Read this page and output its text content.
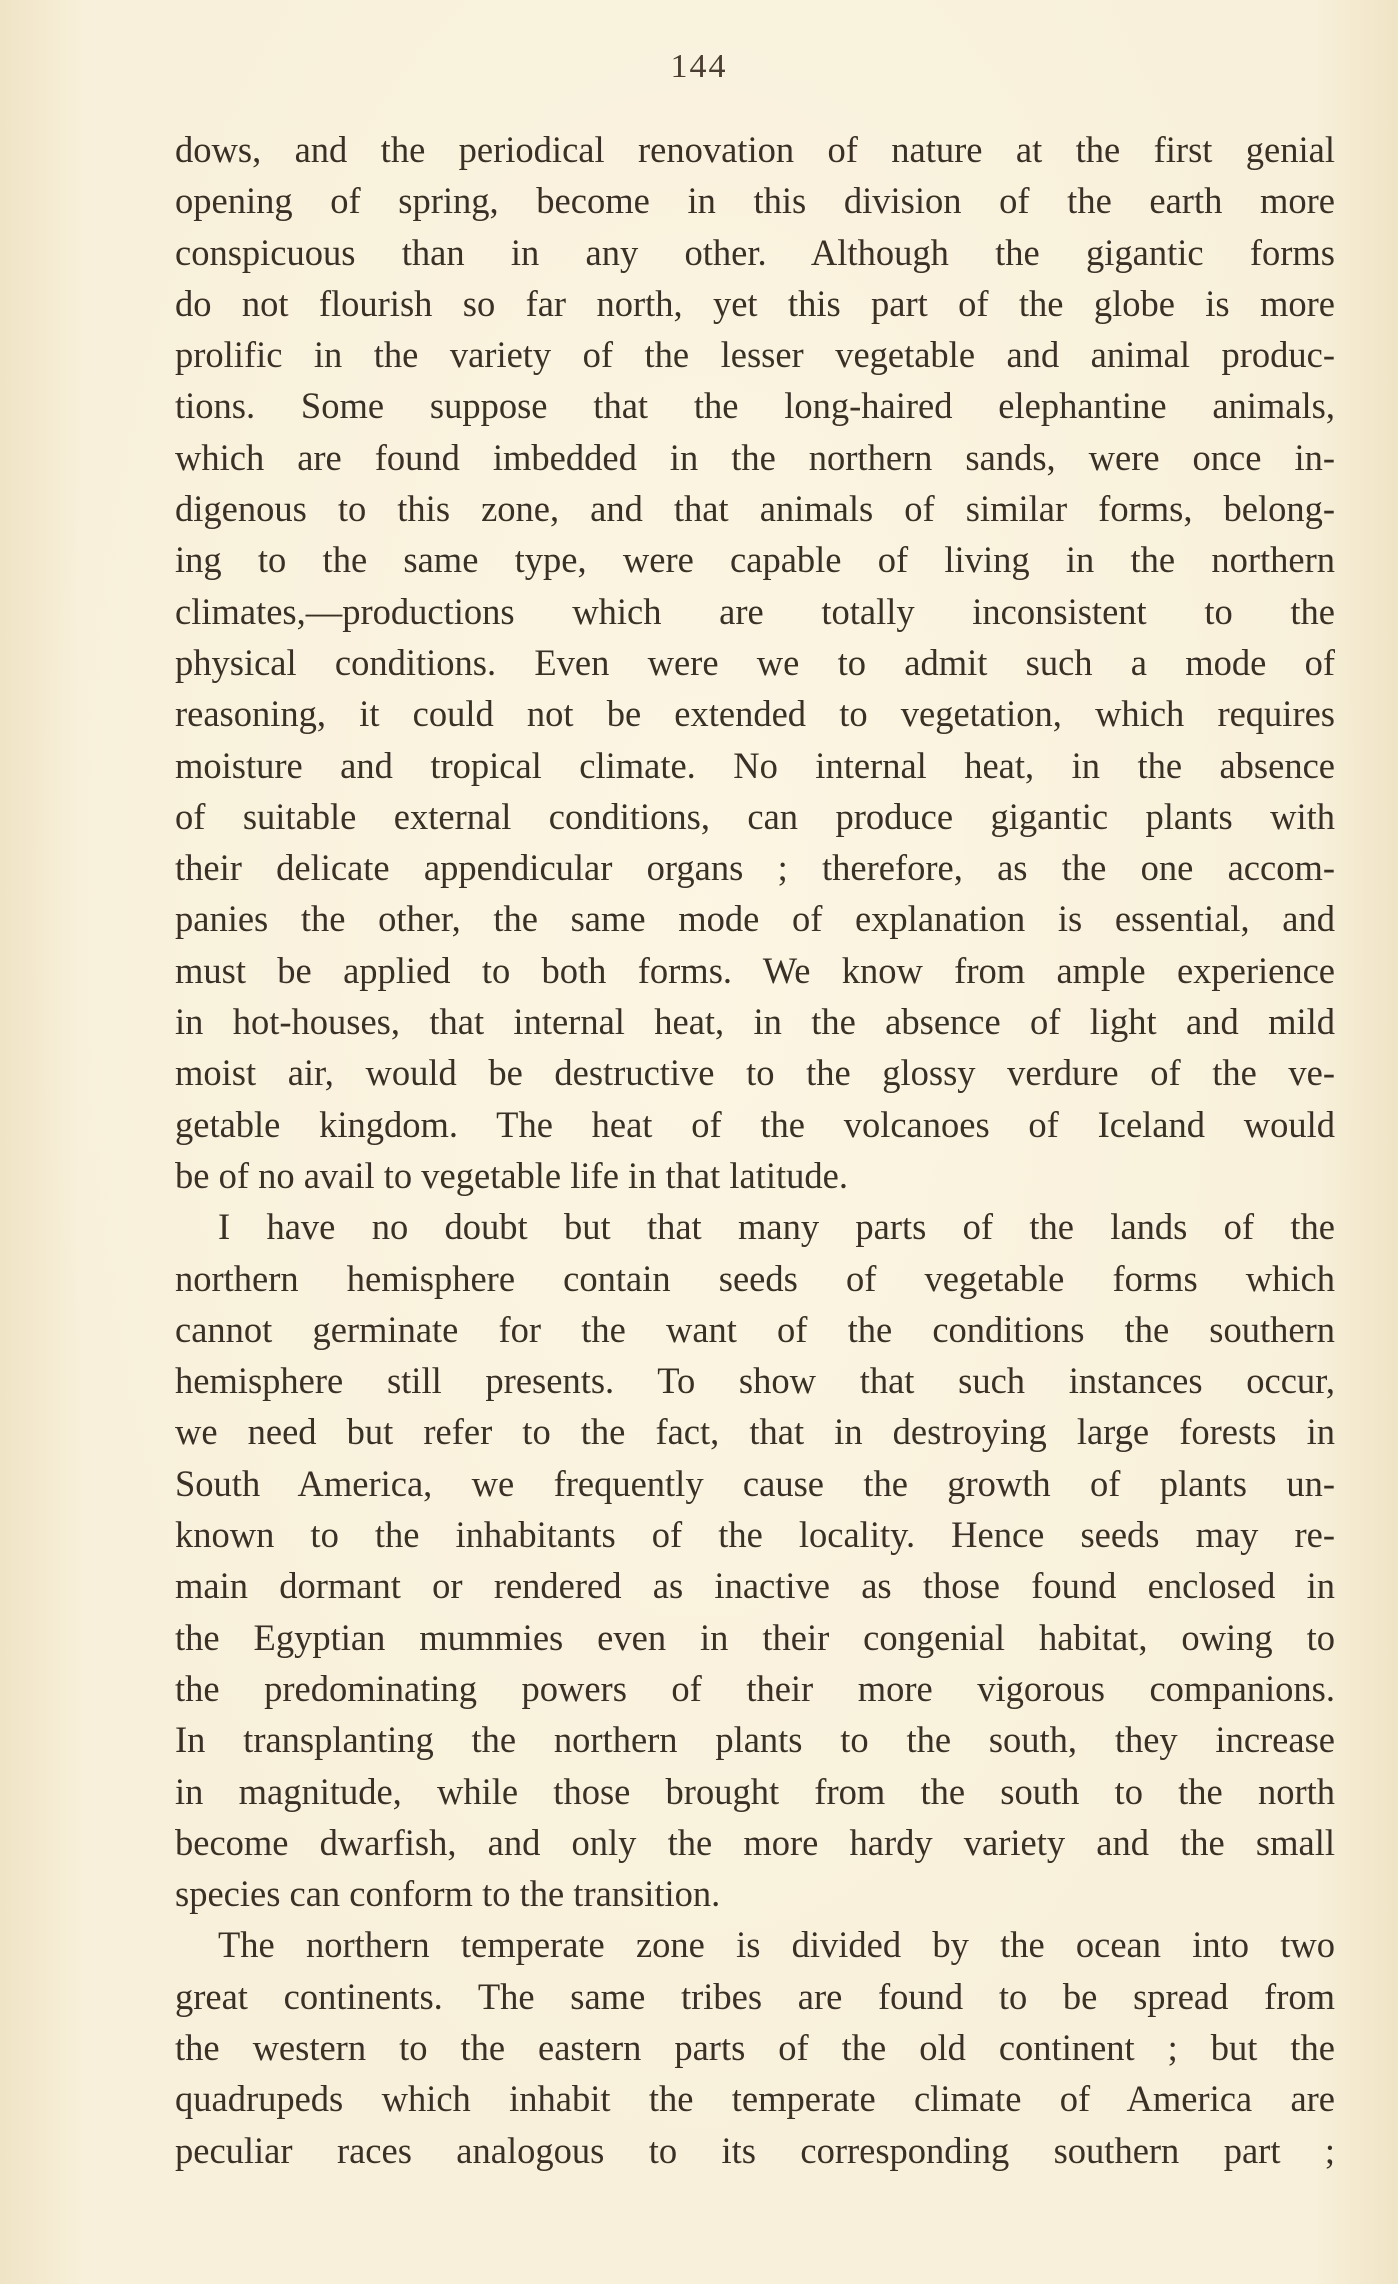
144
dows, and the periodical renovation of nature at the first genial
opening of spring, become in this division of the earth more
conspicuous than in any other. Although the gigantic forms
do not flourish so far north, yet this part of the globe is more
prolific in the variety of the lesser vegetable and animal produc-
tions. Some suppose that the long-haired elephantine animals,
which are found imbedded in the northern sands, were once in-
digenous to this zone, and that animals of similar forms, belong-
ing to the same type, were capable of living in the northern
climates,—productions which are totally inconsistent to the
physical conditions. Even were we to admit such a mode of
reasoning, it could not be extended to vegetation, which requires
moisture and tropical climate. No internal heat, in the absence
of suitable external conditions, can produce gigantic plants with
their delicate appendicular organs ; therefore, as the one accom-
panies the other, the same mode of explanation is essential, and
must be applied to both forms. We know from ample experience
in hot-houses, that internal heat, in the absence of light and mild
moist air, would be destructive to the glossy verdure of the ve-
getable kingdom. The heat of the volcanoes of Iceland would
be of no avail to vegetable life in that latitude.
I have no doubt but that many parts of the lands of the
northern hemisphere contain seeds of vegetable forms which
cannot germinate for the want of the conditions the southern
hemisphere still presents. To show that such instances occur,
we need but refer to the fact, that in destroying large forests in
South America, we frequently cause the growth of plants un-
known to the inhabitants of the locality. Hence seeds may re-
main dormant or rendered as inactive as those found enclosed in
the Egyptian mummies even in their congenial habitat, owing to
the predominating powers of their more vigorous companions.
In transplanting the northern plants to the south, they increase
in magnitude, while those brought from the south to the north
become dwarfish, and only the more hardy variety and the small
species can conform to the transition.
The northern temperate zone is divided by the ocean into two
great continents. The same tribes are found to be spread from
the western to the eastern parts of the old continent ; but the
quadrupeds which inhabit the temperate climate of America are
peculiar races analogous to its corresponding southern part ;
